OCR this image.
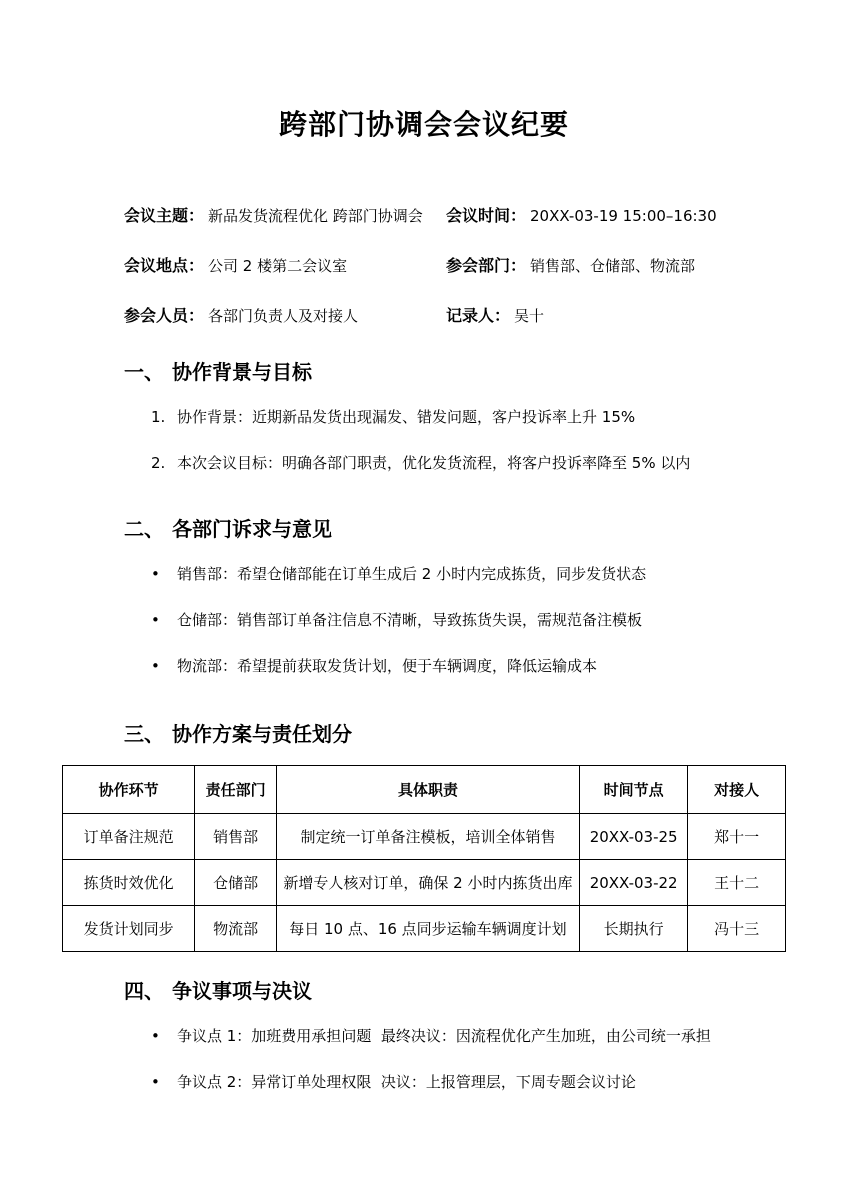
跨部门协调会会议纪要
会议主题： 新品发货流程优化 跨部门协调会 会议时间： 20XX-03-19 15:00–16:30
会议地点： 公司 2 楼第二会议室	参会部门： 销售部、仓储部、物流部
参会人员： 各部门负责人及对接人	记录人： 吴十
一、 协作背景与目标
1. 协作背景：近期新品发货出现漏发、错发问题，客户投诉率上升 15%
2. 本次会议目标：明确各部门职责，优化发货流程，将客户投诉率降至 5% 以内
二、 各部门诉求与意见
•	销售部：希望仓储部能在订单生成后 2 小时内完成拣货，同步发货状态
•	仓储部：销售部订单备注信息不清晰，导致拣货失误，需规范备注模板
•	物流部：希望提前获取发货计划，便于车辆调度，降低运输成本
三、 协作方案与责任划分
协作环节	责任部门	具体职责	时间节点	对接人
订单备注规范	销售部	制定统一订单备注模板，培训全体销售	20XX-03-25	郑十一
拣货时效优化	仓储部	新增专人核对订单，确保 2 小时内拣货出库	20XX-03-22	王十二
发货计划同步	物流部	每日 10 点、16 点同步运输车辆调度计划	长期执行	冯十三
四、 争议事项与决议
•	争议点 1：加班费用承担问题  最终决议：因流程优化产生加班，由公司统一承担
•	争议点 2：异常订单处理权限  决议：上报管理层，下周专题会议讨论
